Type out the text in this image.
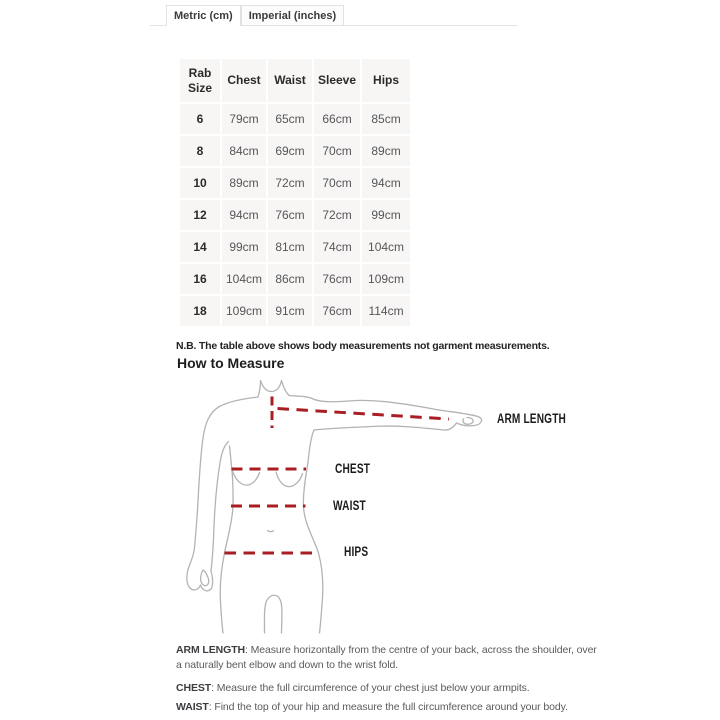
Metric (cm)	Imperial (inches)
Rab Size	Chest	Waist	Sleeve	Hips
6	79cm	65cm	66cm	85cm
8	84cm	69cm	70cm	89cm
10	89cm	72cm	70cm	94cm
12	94cm	76cm	72cm	99cm
14	99cm	81cm	74cm	104cm
16	104cm	86cm	76cm	109cm
18	109cm	91cm	76cm	114cm
N.B. The table above shows body measurements not garment measurements.
How to Measure
ARM LENGTH
CHEST
WAIST
HIPS

ARM LENGTH: Measure horizontally from the centre of your back, across the shoulder, over a naturally bent elbow and down to the wrist fold.

CHEST: Measure the full circumference of your chest just below your armpits.

WAIST: Find the top of your hip and measure the full circumference around your body.
